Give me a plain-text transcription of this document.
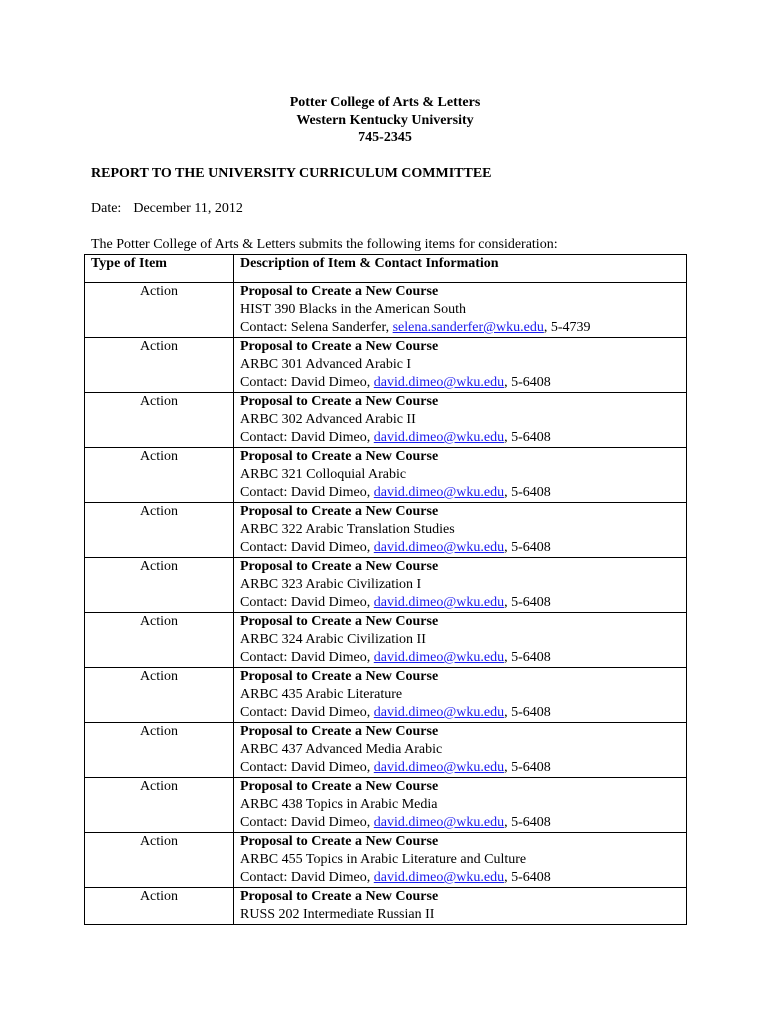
Potter College of Arts & Letters
Western Kentucky University
745-2345
REPORT TO THE UNIVERSITY CURRICULUM COMMITTEE
Date: December 11, 2012
The Potter College of Arts & Letters submits the following items for consideration:
Type of Item	Description of Item & Contact Information
Action	Proposal to Create a New Course
HIST 390 Blacks in the American South
Contact: Selena Sanderfer, selena.sanderfer@wku.edu, 5-4739

Action	Proposal to Create a New Course
ARBC 301 Advanced Arabic I
Contact: David Dimeo, david.dimeo@wku.edu, 5-6408

Action	Proposal to Create a New Course
ARBC 302 Advanced Arabic II
Contact: David Dimeo, david.dimeo@wku.edu, 5-6408

Action	Proposal to Create a New Course
ARBC 321 Colloquial Arabic
Contact: David Dimeo, david.dimeo@wku.edu, 5-6408

Action	Proposal to Create a New Course
ARBC 322 Arabic Translation Studies
Contact: David Dimeo, david.dimeo@wku.edu, 5-6408

Action	Proposal to Create a New Course
ARBC 323 Arabic Civilization I
Contact: David Dimeo, david.dimeo@wku.edu, 5-6408

Action	Proposal to Create a New Course
ARBC 324 Arabic Civilization II
Contact: David Dimeo, david.dimeo@wku.edu, 5-6408

Action	Proposal to Create a New Course
ARBC 435 Arabic Literature
Contact: David Dimeo, david.dimeo@wku.edu, 5-6408

Action	Proposal to Create a New Course
ARBC 437 Advanced Media Arabic
Contact: David Dimeo, david.dimeo@wku.edu, 5-6408

Action	Proposal to Create a New Course
ARBC 438 Topics in Arabic Media
Contact: David Dimeo, david.dimeo@wku.edu, 5-6408

Action	Proposal to Create a New Course
ARBC 455 Topics in Arabic Literature and Culture
Contact: David Dimeo, david.dimeo@wku.edu, 5-6408

Action	Proposal to Create a New Course
RUSS 202 Intermediate Russian II
